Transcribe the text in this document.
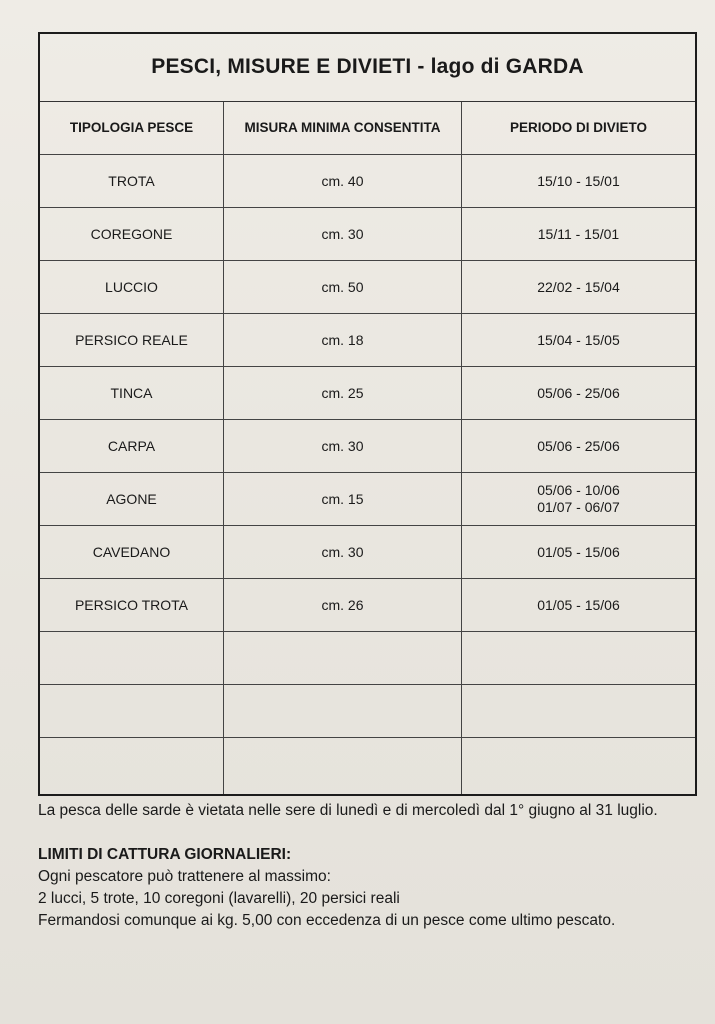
PESCI, MISURE E DIVIETI - lago di GARDA
TIPOLOGIA PESCE	MISURA MINIMA CONSENTITA	PERIODO DI DIVIETO
TROTA	cm. 40	15/10 - 15/01
COREGONE	cm. 30	15/11 - 15/01
LUCCIO	cm. 50	22/02 - 15/04
PERSICO REALE	cm. 18	15/04 - 15/05
TINCA	cm. 25	05/06 - 25/06
CARPA	cm. 30	05/06 - 25/06
AGONE	cm. 15
05/06 - 10/06
01/07 - 06/07
CAVEDANO	cm. 30	01/05 - 15/06
PERSICO TROTA	cm. 26	01/05 - 15/06

La pesca delle sarde è vietata nelle sere di lunedì e di mercoledì dal 1° giugno al 31 luglio.

LIMITI DI CATTURA GIORNALIERI:

Ogni pescatore può trattenere al massimo:

2 lucci, 5 trote, 10 coregoni (lavarelli), 20 persici reali

Fermandosi comunque ai kg. 5,00 con eccedenza di un pesce come ultimo pescato.
